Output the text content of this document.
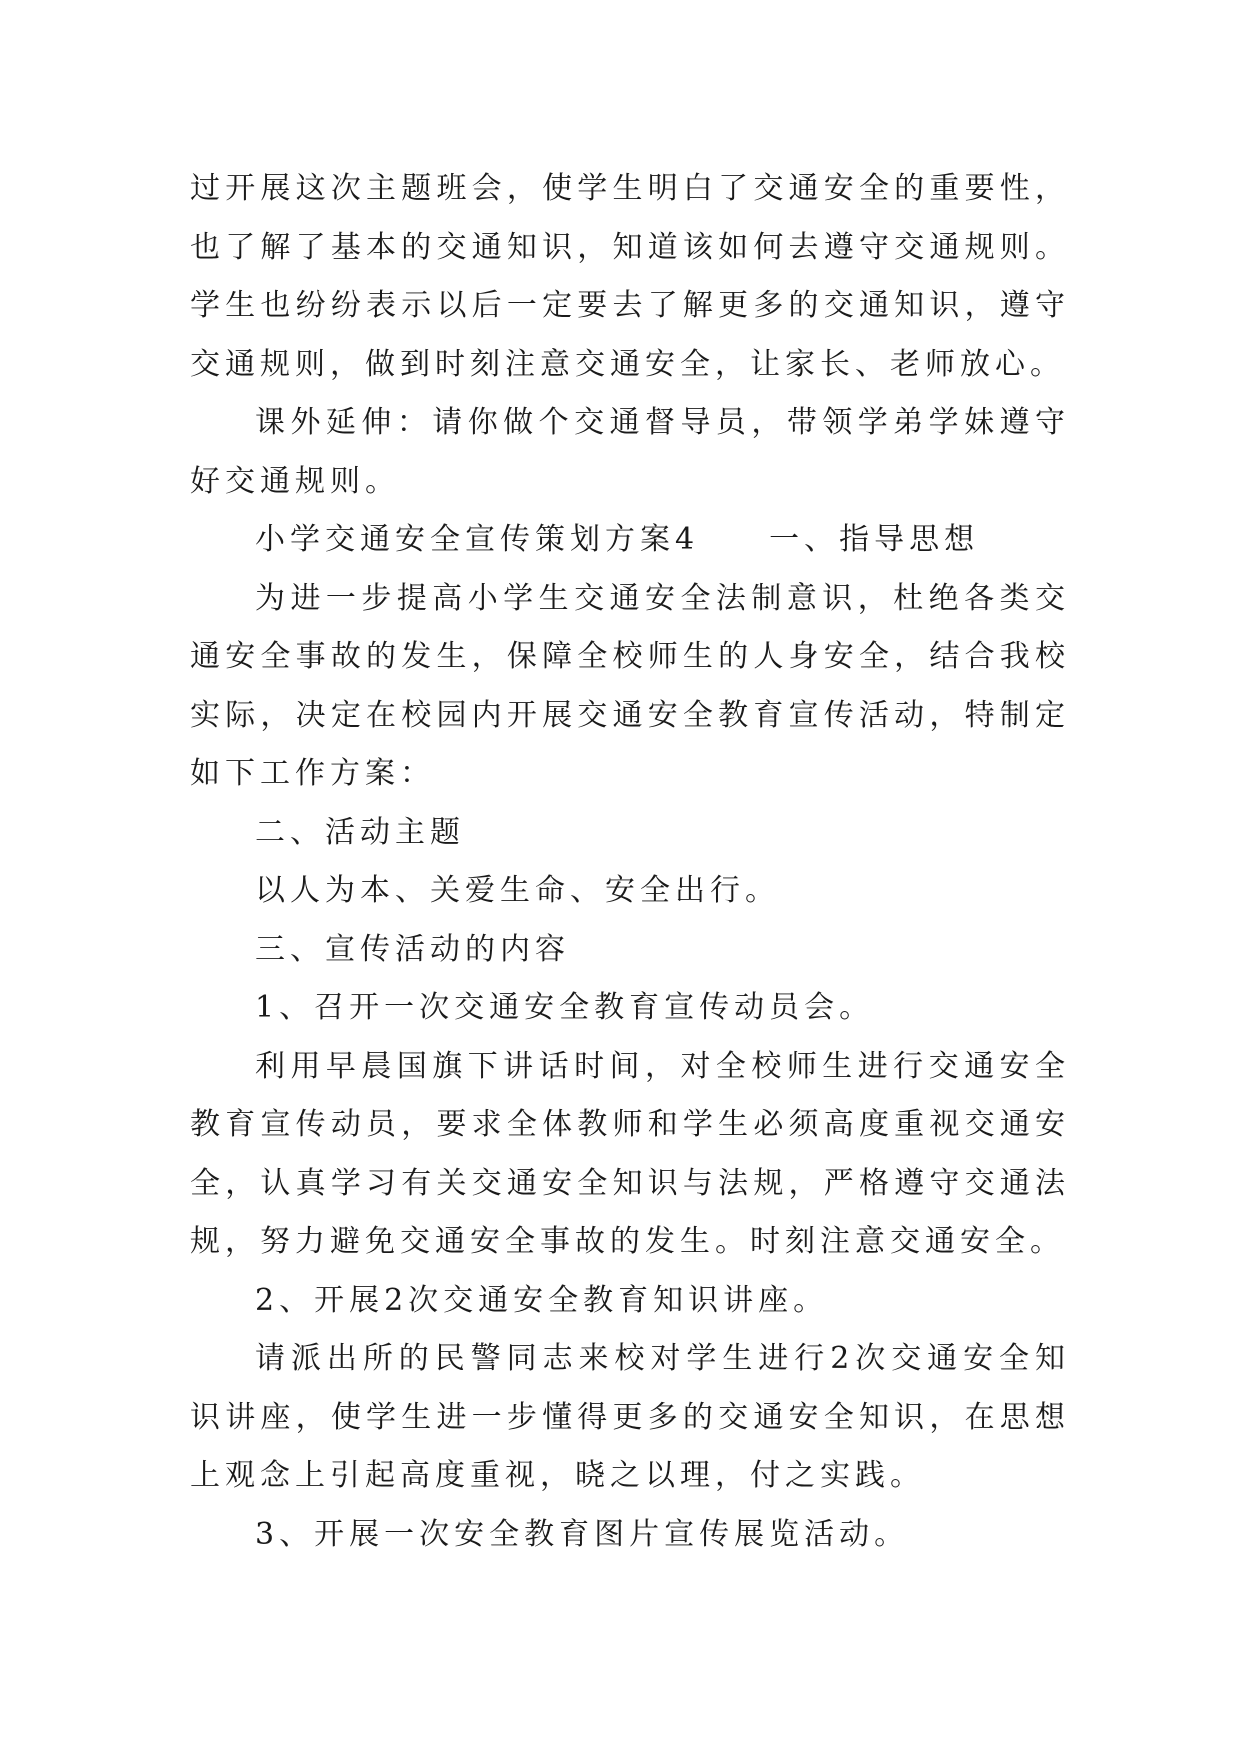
过开展这次主题班会，使学生明白了交通安全的重要性，也了解了基本的交通知识，知道该如何去遵守交通规则。学生也纷纷表示以后一定要去了解更多的交通知识，遵守交通规则，做到时刻注意交通安全，让家长、老师放心。

课外延伸：请你做个交通督导员，带领学弟学妹遵守好交通规则。

小学交通安全宣传策划方案4　　一、指导思想

为进一步提高小学生交通安全法制意识，杜绝各类交通安全事故的发生，保障全校师生的人身安全，结合我校实际，决定在校园内开展交通安全教育宣传活动，特制定如下工作方案：

二、活动主题

以人为本、关爱生命、安全出行。

三、宣传活动的内容

1、召开一次交通安全教育宣传动员会。

利用早晨国旗下讲话时间，对全校师生进行交通安全教育宣传动员，要求全体教师和学生必须高度重视交通安全，认真学习有关交通安全知识与法规，严格遵守交通法规，努力避免交通安全事故的发生。时刻注意交通安全。

2、开展2次交通安全教育知识讲座。

请派出所的民警同志来校对学生进行2次交通安全知识讲座，使学生进一步懂得更多的交通安全知识，在思想上观念上引起高度重视，晓之以理，付之实践。

3、开展一次安全教育图片宣传展览活动。
